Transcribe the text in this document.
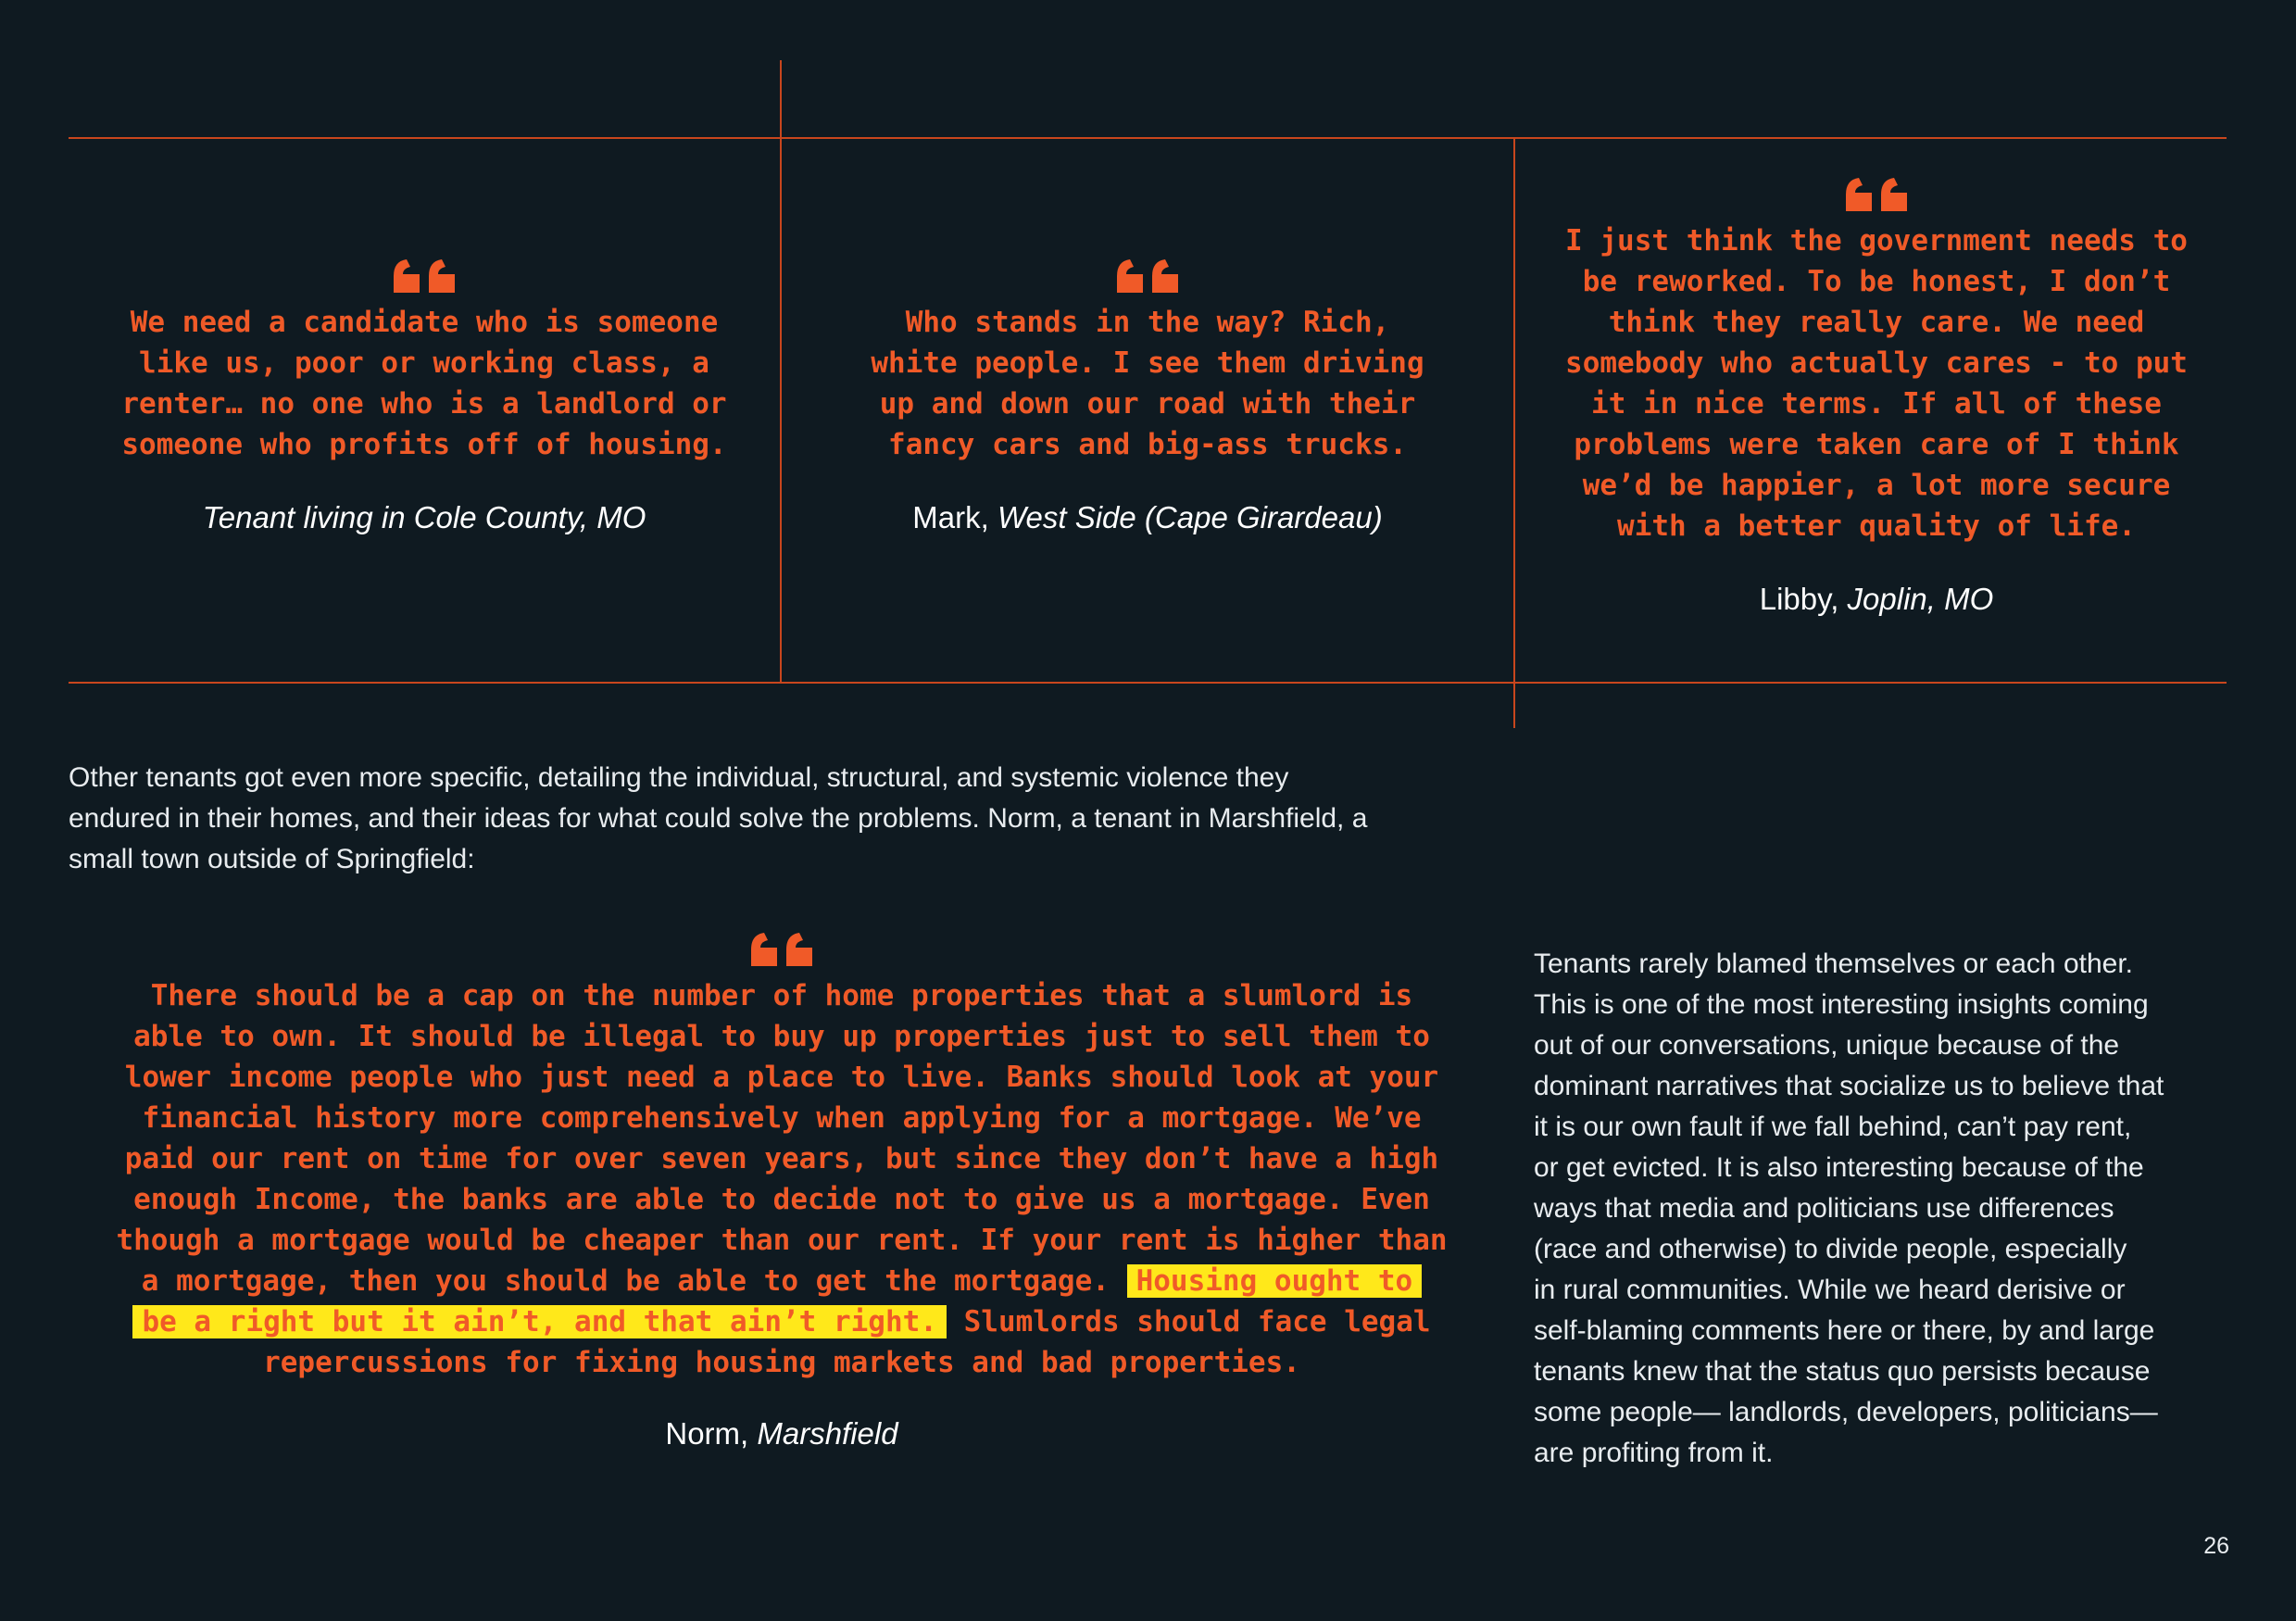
We need a candidate who is someone
like us, poor or working class, a
renter… no one who is a landlord or
someone who profits off of housing.

Tenant living in Cole County, MO

Who stands in the way? Rich,
white people. I see them driving
up and down our road with their
fancy cars and big-ass trucks.

Mark, West Side (Cape Girardeau)

I just think the government needs to
be reworked. To be honest, I don’t
think they really care. We need
somebody who actually cares - to put
it in nice terms. If all of these
problems were taken care of I think
we’d be happier, a lot more secure
with a better quality of life.

Libby, Joplin, MO
Other tenants got even more specific, detailing the individual, structural, and systemic violence they
endured in their homes, and their ideas for what could solve the problems. Norm, a tenant in Marshfield, a
small town outside of Springfield:

There should be a cap on the number of home properties that a slumlord is
able to own. It should be illegal to buy up properties just to sell them to
lower income people who just need a place to live. Banks should look at your
financial history more comprehensively when applying for a mortgage. We’ve
paid our rent on time for over seven years, but since they don’t have a high
enough Income, the banks are able to decide not to give us a mortgage. Even
though a mortgage would be cheaper than our rent. If your rent is higher than
a mortgage, then you should be able to get the mortgage. Housing ought to
be a right but it ain’t, and that ain’t right. Slumlords should face legal
repercussions for fixing housing markets and bad properties.

Norm, Marshfield
Tenants rarely blamed themselves or each other.
This is one of the most interesting insights coming
out of our conversations, unique because of the
dominant narratives that socialize us to believe that
it is our own fault if we fall behind, can’t pay rent,
or get evicted. It is also interesting because of the
ways that media and politicians use differences
(race and otherwise) to divide people, especially
in rural communities. While we heard derisive or
self-blaming comments here or there, by and large
tenants knew that the status quo persists because
some people— landlords, developers, politicians—
are profiting from it.
26
